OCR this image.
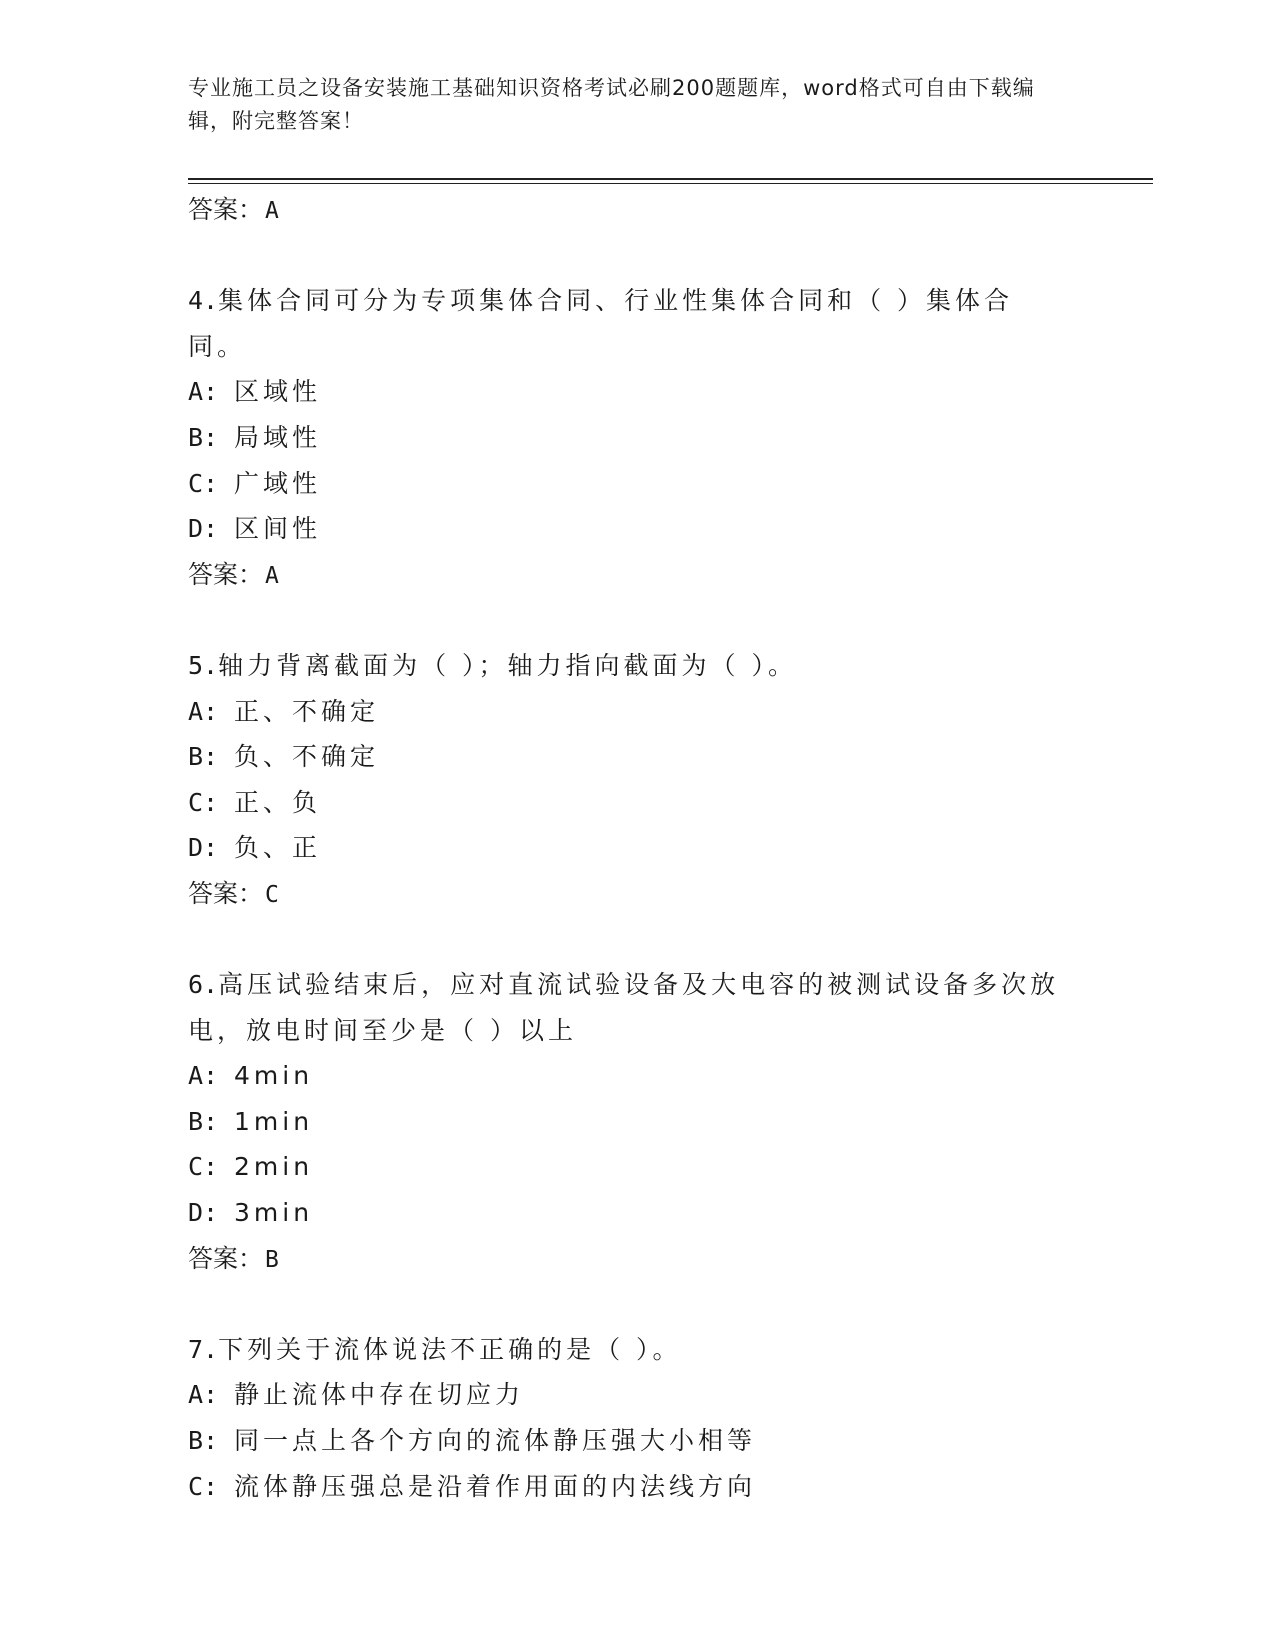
专业施工员之设备安装施工基础知识资格考试必刷200题题库，word格式可自由下载编辑，附完整答案！
答案：A
4.集体合同可分为专项集体合同、行业性集体合同和（ ）集体合同。
A: 区域性
B: 局域性
C: 广域性
D: 区间性
答案：A
5.轴力背离截面为（ ）；轴力指向截面为（ ）。
A: 正、不确定
B: 负、不确定
C: 正、负
D: 负、正
答案：C
6.高压试验结束后，应对直流试验设备及大电容的被测试设备多次放电，放电时间至少是（ ）以上
A: 4min
B: 1min
C: 2min
D: 3min
答案：B
7.下列关于流体说法不正确的是（ ）。
A: 静止流体中存在切应力
B: 同一点上各个方向的流体静压强大小相等
C: 流体静压强总是沿着作用面的内法线方向
